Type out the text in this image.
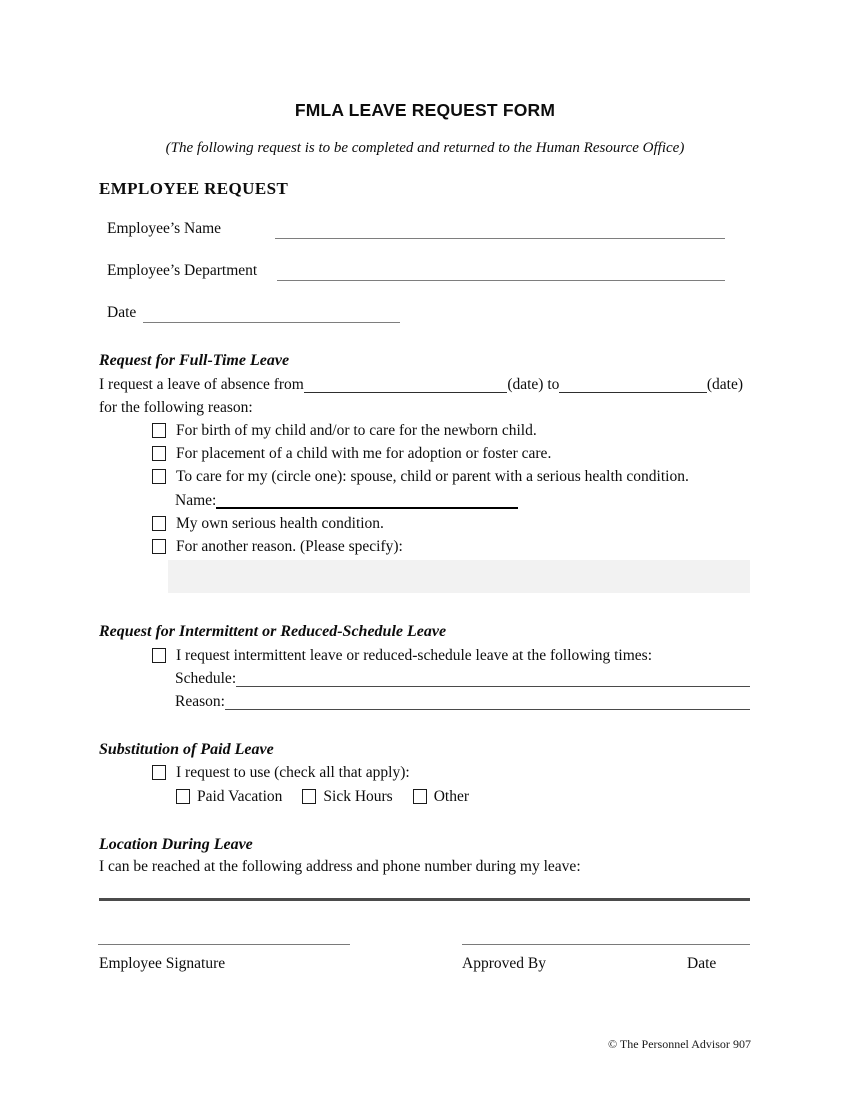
FMLA LEAVE REQUEST FORM
(The following request is to be completed and returned to the Human Resource Office)
EMPLOYEE REQUEST
Employee’s Name
Employee’s Department
Date
Request for Full-Time Leave
I request a leave of absence from	(date) to	(date)
for the following reason:
For birth of my child and/or to care for the newborn child.
For placement of a child with me for adoption or foster care.
To care for my (circle one): spouse, child or parent with a serious health condition.
Name:
My own serious health condition.
For another reason. (Please specify):
Request for Intermittent or Reduced-Schedule Leave
I request intermittent leave or reduced-schedule leave at the following times:
Schedule:
Reason:
Substitution of Paid Leave
I request to use (check all that apply):
Paid Vacation	Sick Hours	Other
Location During Leave
I can be reached at the following address and phone number during my leave:
Employee Signature	Approved By	Date
© The Personnel Advisor 907
